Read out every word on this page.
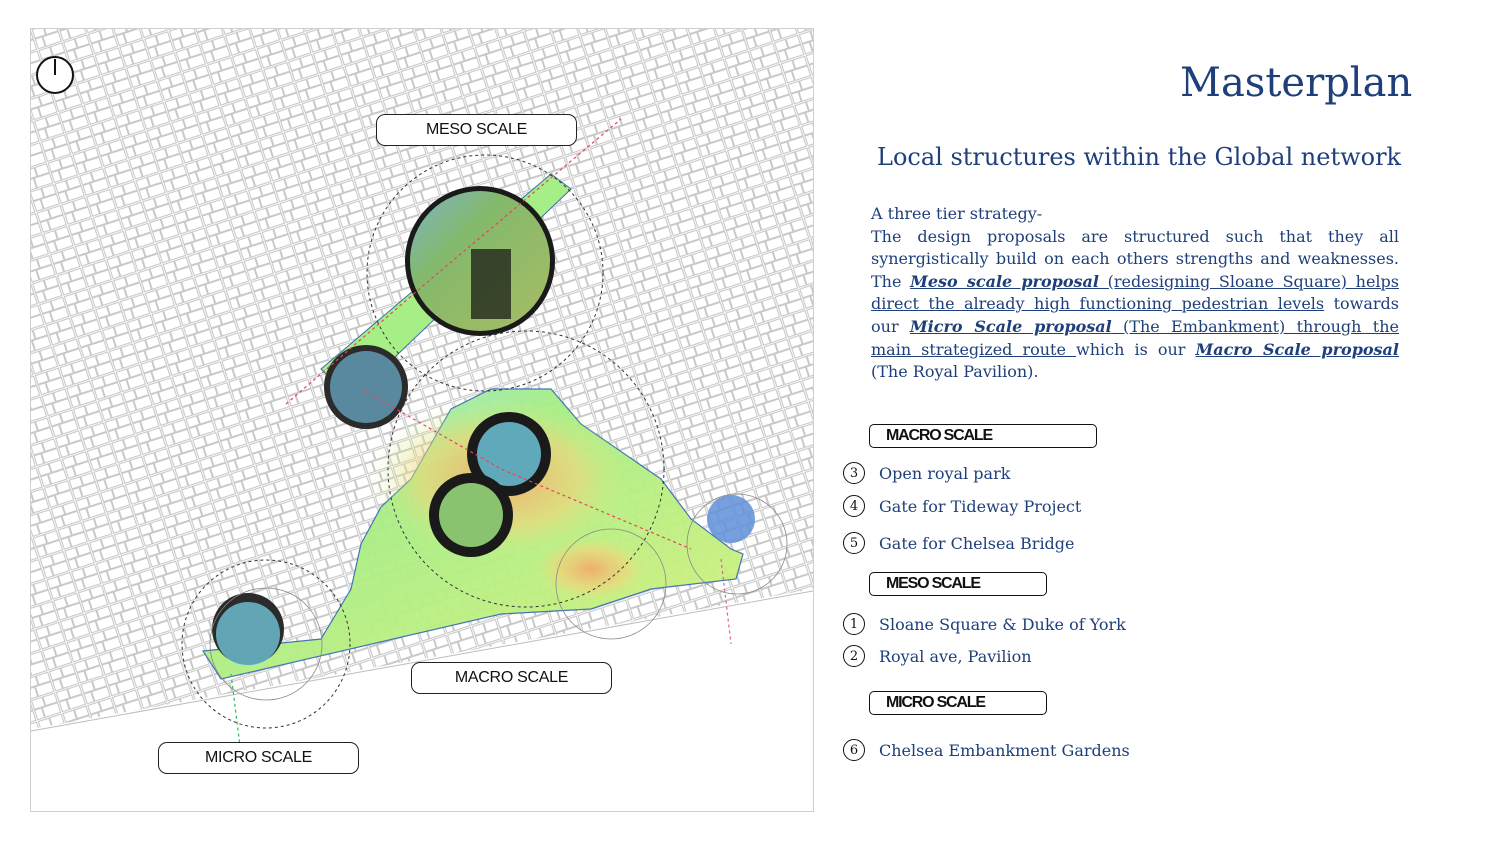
MESO SCALE
MACRO SCALE
MICRO SCALE
Masterplan
Local structures within the Global network
A three tier strategy-
The design proposals are structured such that they all synergistically build on each others strengths and weaknesses. The Meso scale proposal (redesigning Sloane Square) helps direct the already high functioning pedestrian levels towards our Micro Scale proposal (The Embankment) through the main strategized route which is our Macro Scale proposal (The Royal Pavilion).
MACRO SCALE
3	Open royal park
4	Gate for Tideway Project
5	Gate for Chelsea Bridge
MESO SCALE
1	Sloane Square & Duke of York
2	Royal ave, Pavilion
MICRO SCALE
6	Chelsea Embankment Gardens
